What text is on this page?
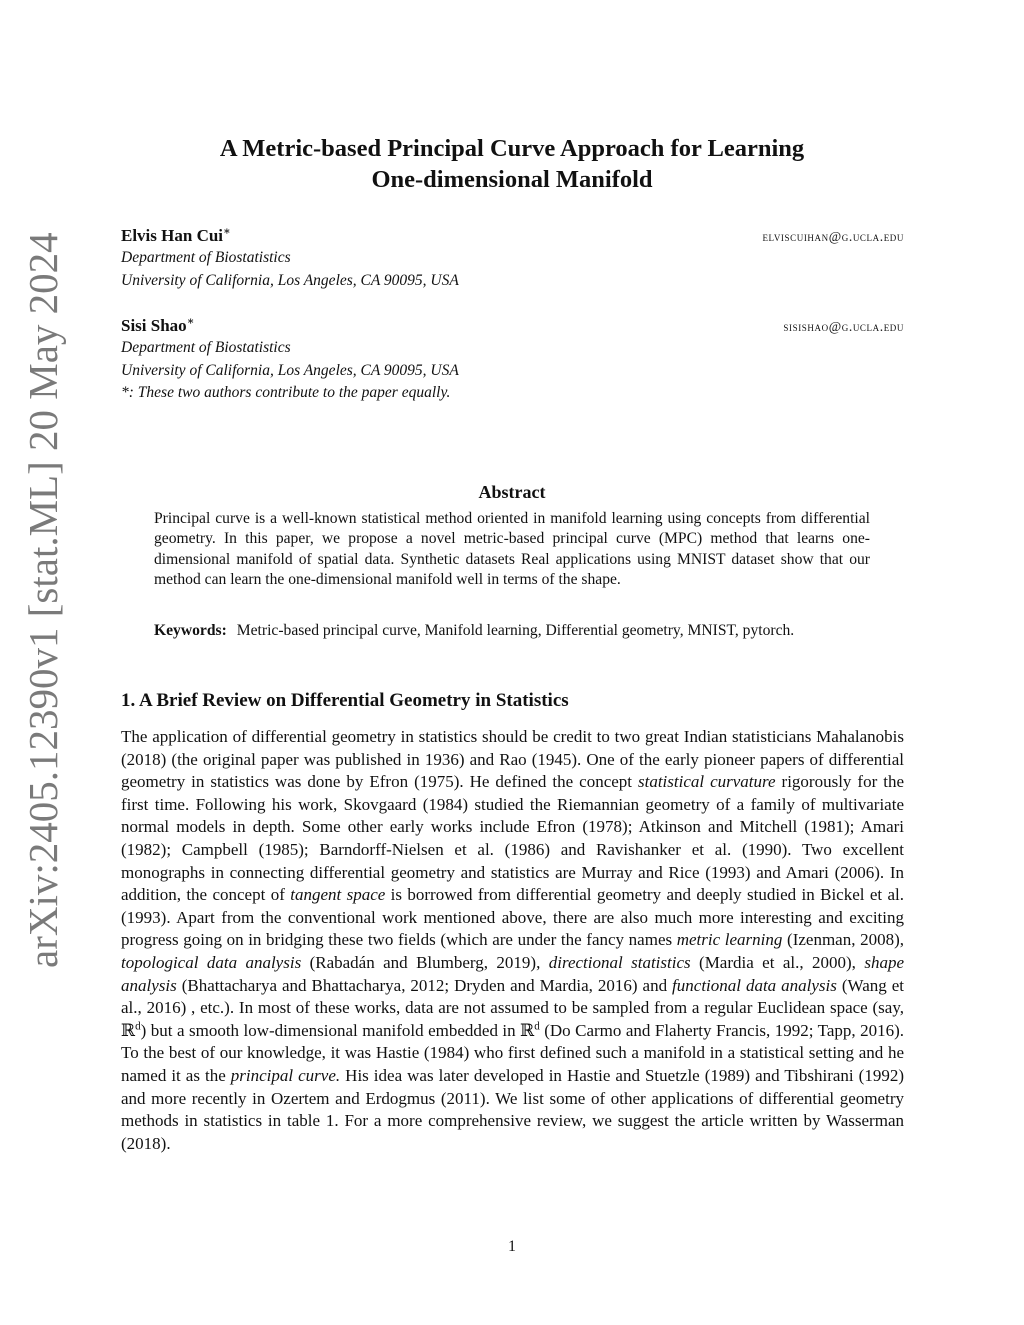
arXiv:2405.12390v1 [stat.ML] 20 May 2024
A Metric-based Principal Curve Approach for Learning
One-dimensional Manifold
Elvis Han Cui∗	elviscuihan@g.ucla.edu
Department of Biostatistics
University of California, Los Angeles, CA 90095, USA
Sisi Shao∗	sisishao@g.ucla.edu
Department of Biostatistics
University of California, Los Angeles, CA 90095, USA
*: These two authors contribute to the paper equally.
Abstract
Principal curve is a well-known statistical method oriented in manifold learning using concepts from differential geometry. In this paper, we propose a novel metric-based principal curve (MPC) method that learns one-dimensional manifold of spatial data. Synthetic datasets Real applications using MNIST dataset show that our method can learn the one-dimensional manifold well in terms of the shape.
Keywords: Metric-based principal curve, Manifold learning, Differential geometry, MNIST, pytorch.
1. A Brief Review on Differential Geometry in Statistics
The application of differential geometry in statistics should be credit to two great Indian statisticians Mahalanobis (2018) (the original paper was published in 1936) and Rao (1945). One of the early pioneer papers of differential geometry in statistics was done by Efron (1975). He defined the concept statistical curvature rigorously for the first time. Following his work, Skovgaard (1984) studied the Riemannian geometry of a family of multivariate normal models in depth. Some other early works include Efron (1978); Atkinson and Mitchell (1981); Amari (1982); Campbell (1985); Barndorff-Nielsen et al. (1986) and Ravishanker et al. (1990). Two excellent monographs in connecting differential geometry and statistics are Murray and Rice (1993) and Amari (2006). In addition, the concept of tangent space is borrowed from differential geometry and deeply studied in Bickel et al. (1993). Apart from the conventional work mentioned above, there are also much more interesting and exciting progress going on in bridging these two fields (which are under the fancy names metric learning (Izenman, 2008), topological data analysis (Rabadán and Blumberg, 2019), directional statistics (Mardia et al., 2000), shape analysis (Bhattacharya and Bhattacharya, 2012; Dryden and Mardia, 2016) and functional data analysis (Wang et al., 2016) , etc.). In most of these works, data are not assumed to be sampled from a regular Euclidean space (say, ℝ$^d$) but a smooth low-dimensional manifold embedded in ℝ$^d$ (Do Carmo and Flaherty Francis, 1992; Tapp, 2016). To the best of our knowledge, it was Hastie (1984) who first defined such a manifold in a statistical setting and he named it as the principal curve. His idea was later developed in Hastie and Stuetzle (1989) and Tibshirani (1992) and more recently in Ozertem and Erdogmus (2011). We list some of other applications of differential geometry methods in statistics in table 1. For a more comprehensive review, we suggest the article written by Wasserman (2018).
1
